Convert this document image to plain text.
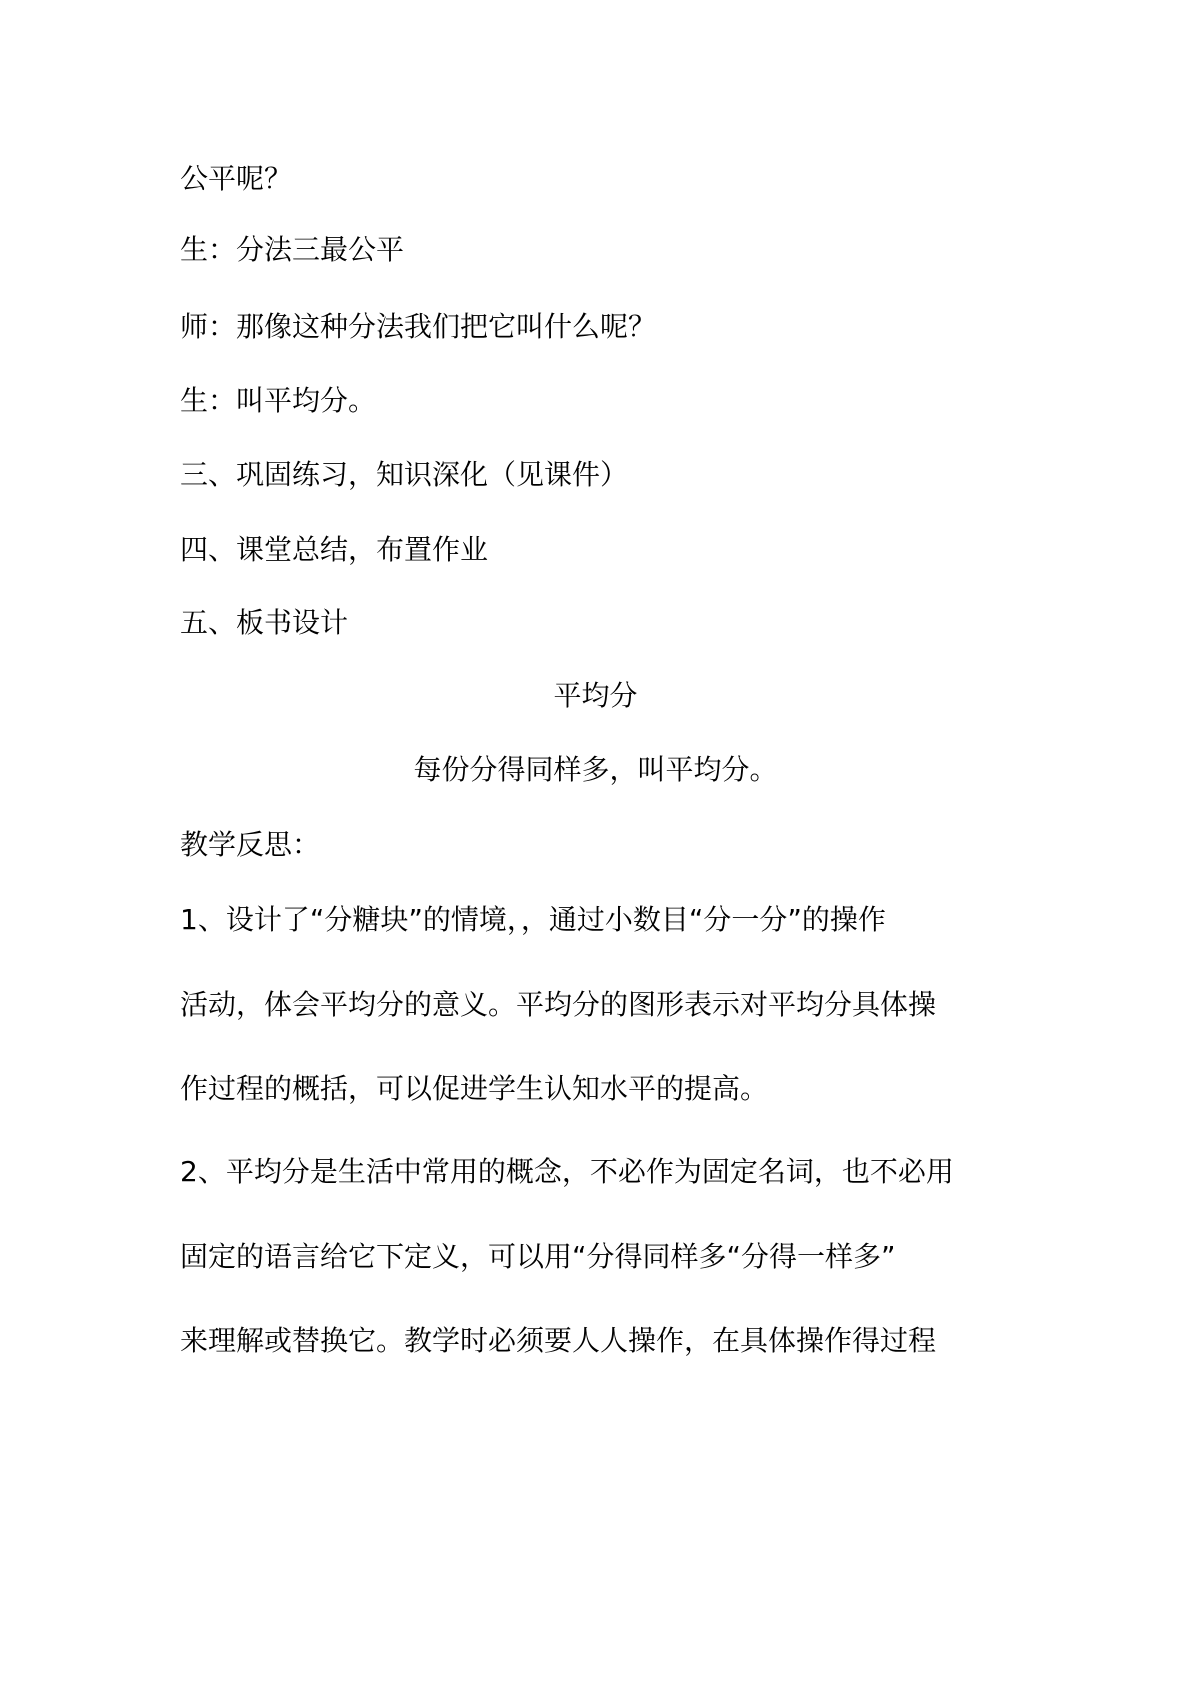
公平呢？
生：分法三最公平
师：那像这种分法我们把它叫什么呢？
生：叫平均分。
三、巩固练习，知识深化（见课件）
四、课堂总结，布置作业
五、板书设计
平均分
每份分得同样多，叫平均分。
教学反思：
1、设计了“分糖块”的情境，，通过小数目“分一分”的操作
活动，体会平均分的意义。平均分的图形表示对平均分具体操
作过程的概括，可以促进学生认知水平的提高。
2、平均分是生活中常用的概念，不必作为固定名词，也不必用
固定的语言给它下定义，可以用“分得同样多“分得一样多”
来理解或替换它。教学时必须要人人操作，在具体操作得过程
